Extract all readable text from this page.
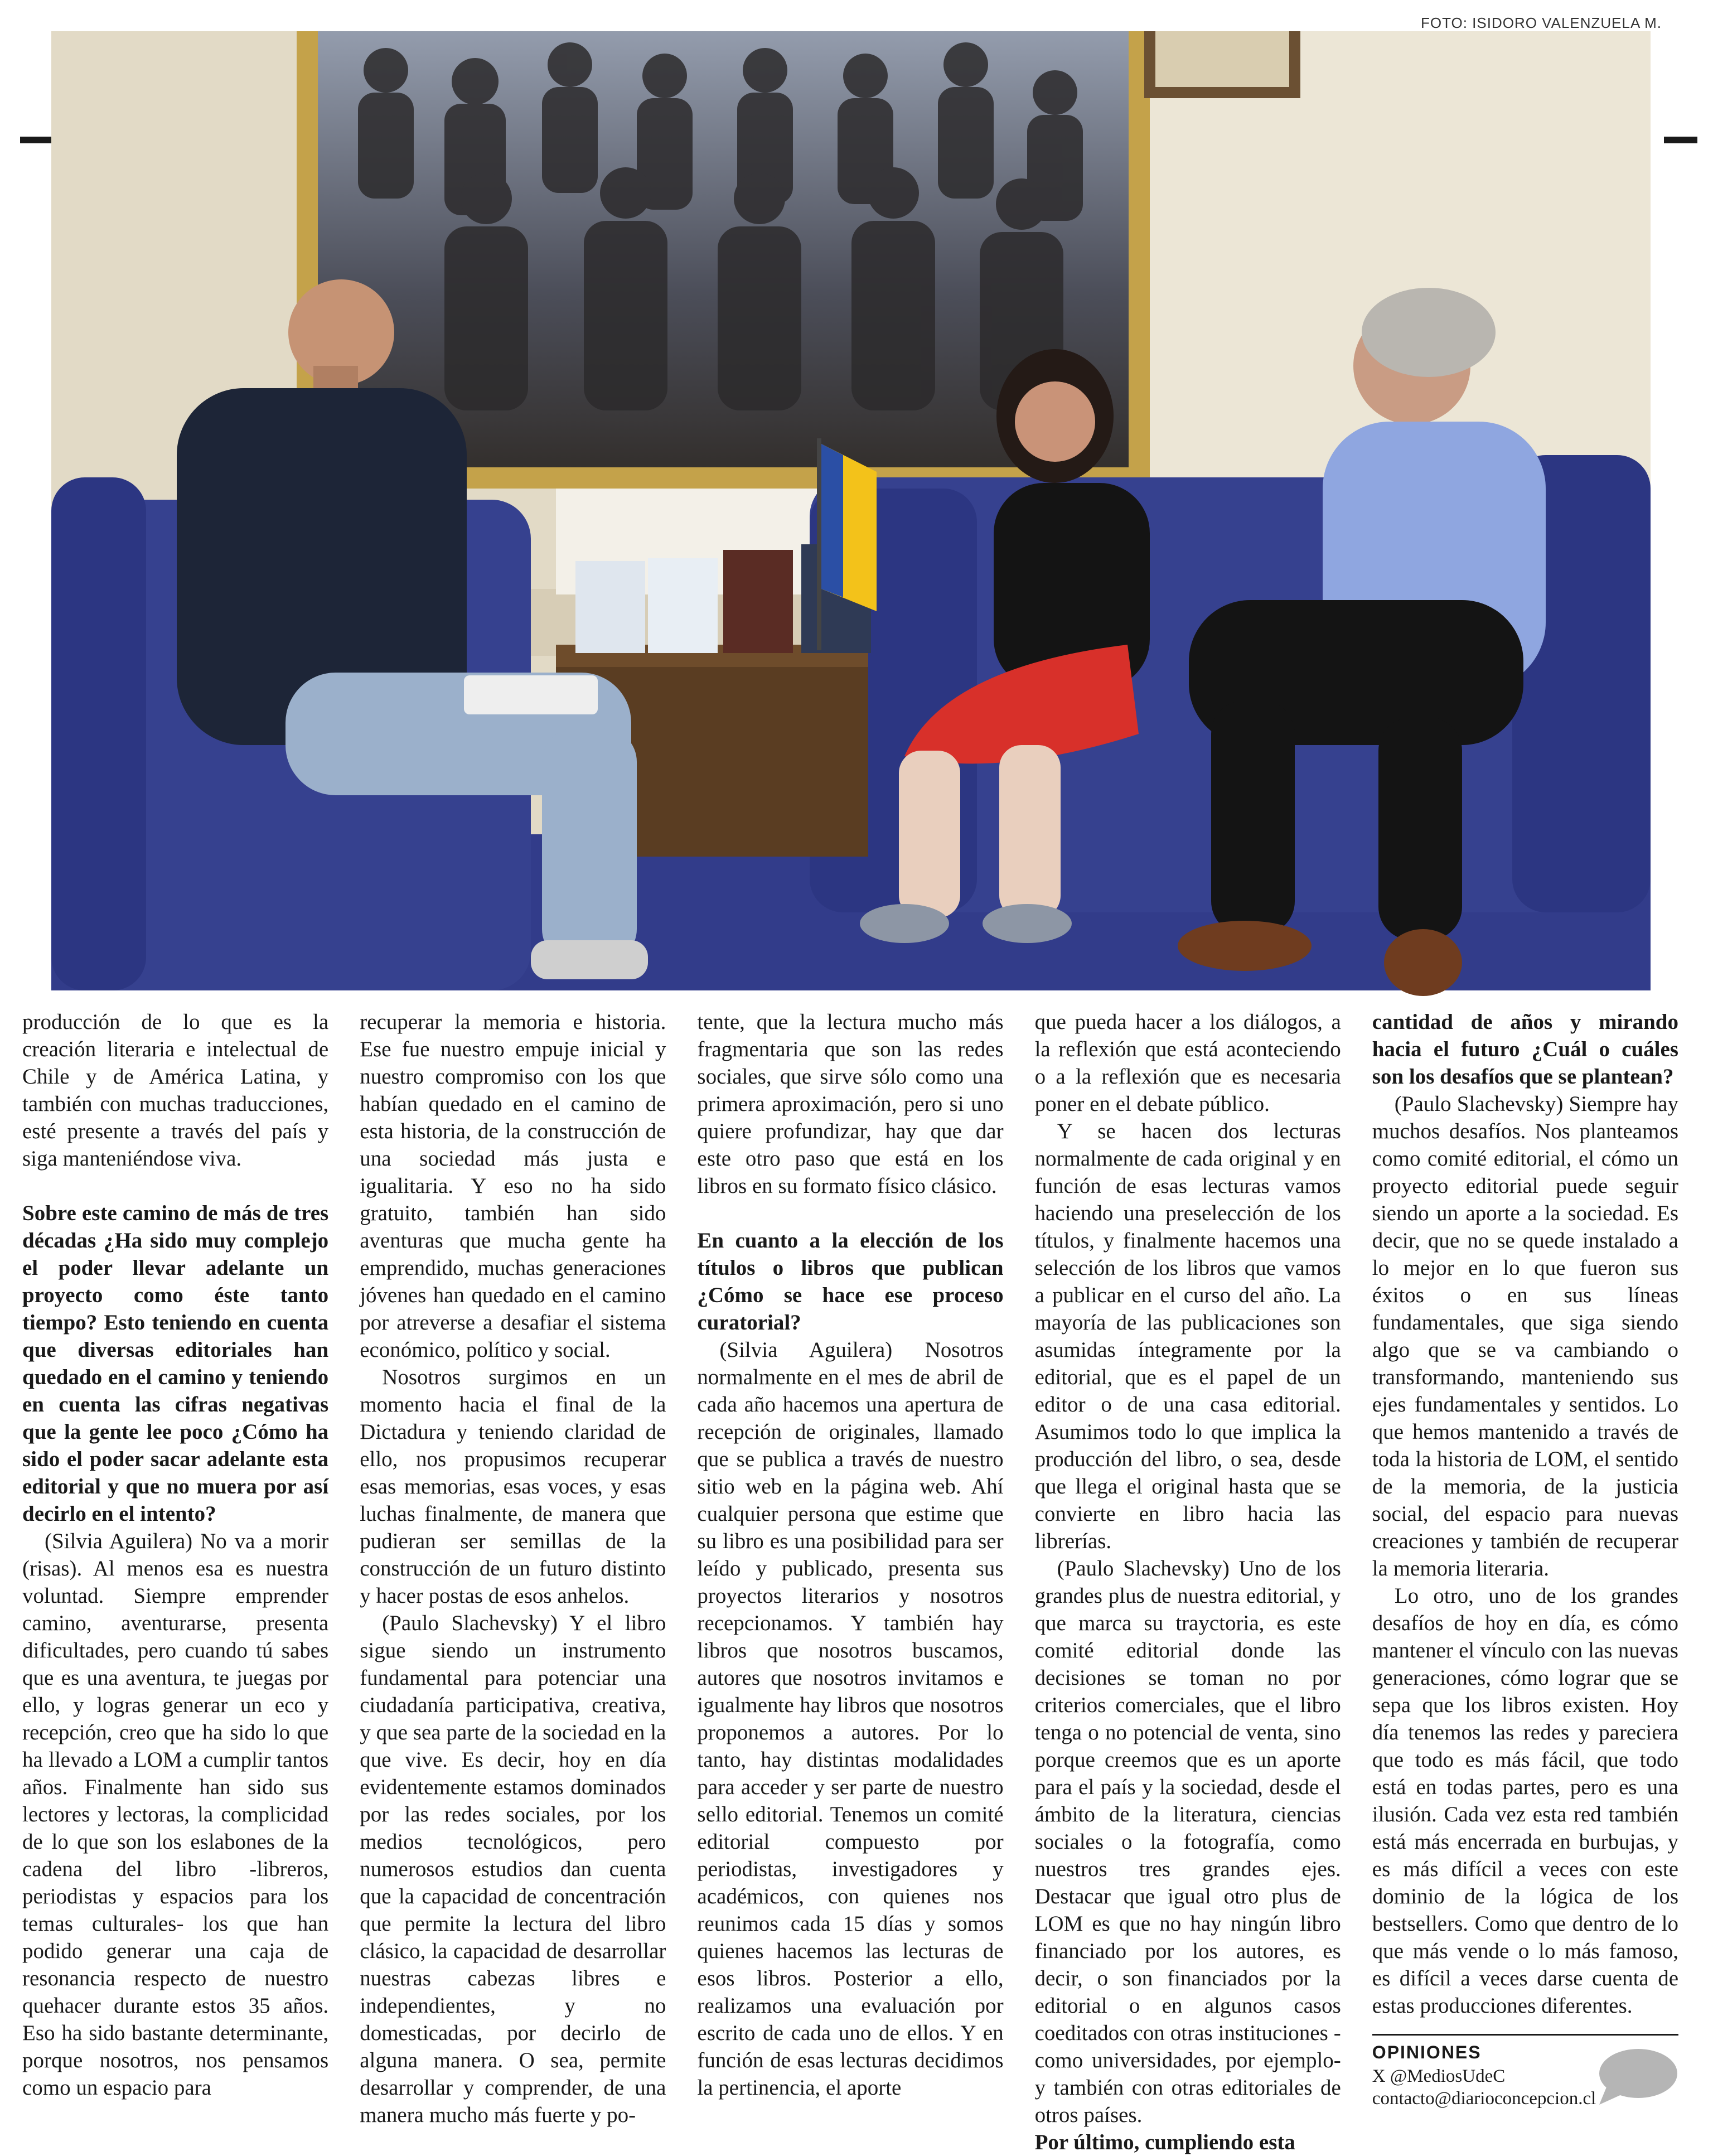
FOTO: ISIDORO VALENZUELA M.

producción de lo que es la creación literaria e intelectual de Chile y de América Latina, y también con muchas traducciones, esté presente a través del país y siga manteniéndose viva.

Sobre este camino de más de tres décadas ¿Ha sido muy complejo el poder llevar adelante un proyecto como éste tanto tiempo? Esto teniendo en cuenta que diversas editoriales han quedado en el camino y teniendo en cuenta las cifras negativas que la gente lee poco ¿Cómo ha sido el poder sacar adelante esta editorial y que no muera por así decirlo en el intento?

(Silvia Aguilera) No va a morir (risas). Al menos esa es nuestra voluntad. Siempre emprender camino, aventurarse, presenta dificultades, pero cuando tú sabes que es una aventura, te juegas por ello, y logras generar un eco y recepción, creo que ha sido lo que ha llevado a LOM a cumplir tantos años. Finalmente han sido sus lectores y lectoras, la complicidad de lo que son los eslabones de la cadena del libro -libreros, periodistas y espacios para los temas culturales- los que han podido generar una caja de resonancia respecto de nuestro quehacer durante estos 35 años. Eso ha sido bastante determinante, porque nosotros, nos pensamos como un espacio para

recuperar la memoria e historia. Ese fue nuestro empuje inicial y nuestro compromiso con los que habían quedado en el camino de esta historia, de la construcción de una sociedad más justa e igualitaria. Y eso no ha sido gratuito, también han sido aventuras que mucha gente ha emprendido, muchas generaciones jóvenes han quedado en el camino por atreverse a desafiar el sistema económico, político y social.

Nosotros surgimos en un momento hacia el final de la Dictadura y teniendo claridad de ello, nos propusimos recuperar esas memorias, esas voces, y esas luchas finalmente, de manera que pudieran ser semillas de la construcción de un futuro distinto y hacer postas de esos anhelos.

(Paulo Slachevsky) Y el libro sigue siendo un instrumento fundamental para potenciar una ciudadanía participativa, creativa, y que sea parte de la sociedad en la que vive. Es decir, hoy en día evidentemente estamos dominados por las redes sociales, por los medios tecnológicos, pero numerosos estudios dan cuenta que la capacidad de concentración que permite la lectura del libro clásico, la capacidad de desarrollar nuestras cabezas libres e independientes, y no domesticadas, por decirlo de alguna manera. O sea, permite desarrollar y comprender, de una manera mucho más fuerte y po-

tente, que la lectura mucho más fragmentaria que son las redes sociales, que sirve sólo como una primera aproximación, pero si uno quiere profundizar, hay que dar este otro paso que está en los libros en su formato físico clásico.

En cuanto a la elección de los títulos o libros que publican ¿Cómo se hace ese proceso curatorial?

(Silvia Aguilera) Nosotros normalmente en el mes de abril de cada año hacemos una apertura de recepción de originales, llamado que se publica a través de nuestro sitio web en la página web. Ahí cualquier persona que estime que su libro es una posibilidad para ser leído y publicado, presenta sus proyectos literarios y nosotros recepcionamos. Y también hay libros que nosotros buscamos, autores que nosotros invitamos e igualmente hay libros que nosotros proponemos a autores. Por lo tanto, hay distintas modalidades para acceder y ser parte de nuestro sello editorial. Tenemos un comité editorial compuesto por periodistas, investigadores y académicos, con quienes nos reunimos cada 15 días y somos quienes hacemos las lecturas de esos libros. Posterior a ello, realizamos una evaluación por escrito de cada uno de ellos. Y en función de esas lecturas decidimos la pertinencia, el aporte

que pueda hacer a los diálogos, a la reflexión que está aconteciendo o a la reflexión que es necesaria poner en el debate público.

Y se hacen dos lecturas normalmente de cada original y en función de esas lecturas vamos haciendo una preselección de los títulos, y finalmente hacemos una selección de los libros que vamos a publicar en el curso del año. La mayoría de las publicaciones son asumidas íntegramente por la editorial, que es el papel de un editor o de una casa editorial. Asumimos todo lo que implica la producción del libro, o sea, desde que llega el original hasta que se convierte en libro hacia las librerías.

(Paulo Slachevsky) Uno de los grandes plus de nuestra editorial, y que marca su trayctoria, es este comité editorial donde las decisiones se toman no por criterios comerciales, que el libro tenga o no potencial de venta, sino porque creemos que es un aporte para el país y la sociedad, desde el ámbito de la literatura, ciencias sociales o la fotografía, como nuestros tres grandes ejes. Destacar que igual otro plus de LOM es que no hay ningún libro financiado por los autores, es decir, o son financiados por la editorial o en algunos casos coeditados con otras instituciones -como universidades, por ejemplo- y también con otras editoriales de otros países.

Por último, cumpliendo esta

cantidad de años y mirando hacia el futuro ¿Cuál o cuáles son los desafíos que se plantean?

(Paulo Slachevsky) Siempre hay muchos desafíos. Nos planteamos como comité editorial, el cómo un proyecto editorial puede seguir siendo un aporte a la sociedad. Es decir, que no se quede instalado a lo mejor en lo que fueron sus éxitos o en sus líneas fundamentales, que siga siendo algo que se va cambiando o transformando, manteniendo sus ejes fundamentales y sentidos. Lo que hemos mantenido a través de toda la historia de LOM, el sentido de la memoria, de la justicia social, del espacio para nuevas creaciones y también de recuperar la memoria literaria.

Lo otro, uno de los grandes desafíos de hoy en día, es cómo mantener el vínculo con las nuevas generaciones, cómo lograr que se sepa que los libros existen. Hoy día tenemos las redes y pareciera que todo es más fácil, que todo está en todas partes, pero es una ilusión. Cada vez esta red también está más encerrada en burbujas, y es más difícil a veces con este dominio de la lógica de los bestsellers. Como que dentro de lo que más vende o lo más famoso, es difícil a veces darse cuenta de estas producciones diferentes.

OPINIONES
X @MediosUdeC
contacto@diarioconcepcion.cl
